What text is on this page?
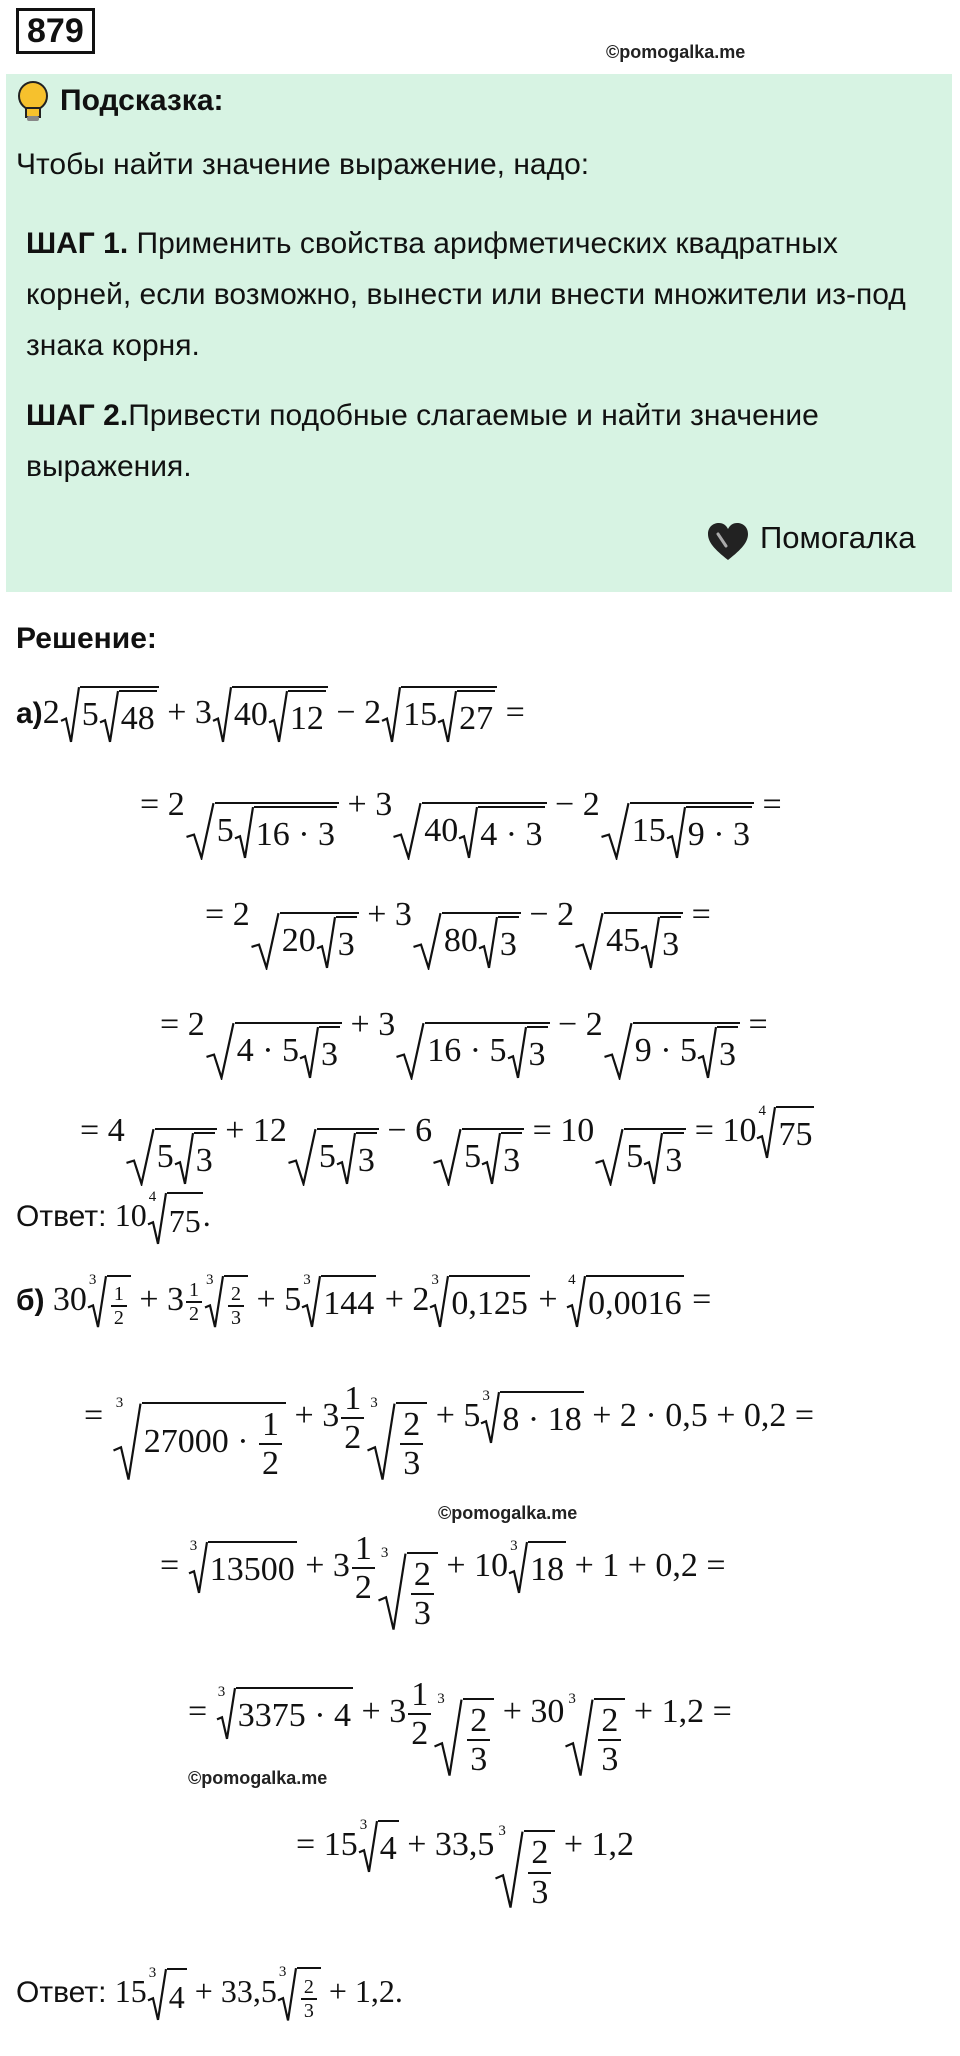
879
©pomogalka.me
Подсказка:
Чтобы найти значение выражение, надо:
ШАГ 1. Применить свойства арифметических квадратных корней, если возможно, вынести или внести множители из-под знака корня.
ШАГ 2.Привести подобные слагаемые и найти значение выражения.
Помогалка
Решение:
а)2 5 48 + 3 40 12 − 2 15 27 =
= 2
5 16 · 3 + 3
40 4 · 3 − 2
15 9 · 3 =
= 2
20 3 + 3
80 3 − 2
45 3 =
= 2
4 · 5 3 + 3
16 · 5 3 − 2
9 · 5 3 =
= 4
5 3 + 12
5 3 − 6
5 3 = 10
5 3 = 10
4
75
Ответ: 10
4
75.
б) 30
3
$\frac{1}{2} + 3 \frac{1}{2} 3$
$\frac{2}{3} + 5$
3
144 + 2
3
0,125 +
4
0,0016 =
= 3
$27000 \cdot \frac{1}{2} + 3 \frac{1}{2} 3$
$\frac{2}{3} + 5$
3
8 · 18 + 2 · 0,5 + 0,2 =
©pomogalka.me
=
3
$13500 + 3 \frac{1}{2} 3$
$\frac{2}{3} + 10$
3
18 + 1 + 0,2 =
=
3
$3375 \cdot 4 + 3 \frac{1}{2} 3$
$\frac{2}{3} + 30$ 3
$\frac{2}{3} + 1,2$ =
©pomogalka.me
= 15
3
4 + 33,5 3
$\frac{2}{3} + 1,2$
Ответ: 15
3
4 + 33,5
3
$\frac{2}{3} + 1,2$.
